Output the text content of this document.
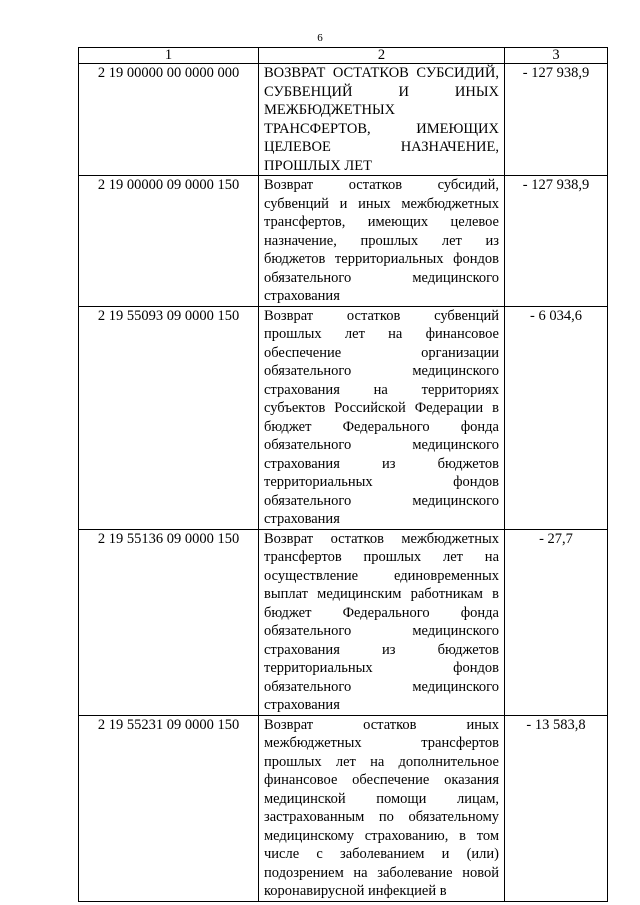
6
1	2	3
2 19 00000 00 0000 000	ВОЗВРАТ ОСТАТКОВ СУБСИДИЙ, СУБВЕНЦИЙ И ИНЫХ МЕЖБЮДЖЕТНЫХ ТРАНСФЕРТОВ, ИМЕЮЩИХ ЦЕЛЕВОЕ НАЗНАЧЕНИЕ, ПРОШЛЫХ ЛЕТ	- 127 938,9
2 19 00000 09 0000 150	Возврат остатков субсидий, субвенций и иных межбюджетных трансфертов, имеющих целевое назначение, прошлых лет из бюджетов территориальных фондов обязательного медицинского страхования	- 127 938,9
2 19 55093 09 0000 150	Возврат остатков субвенций прошлых лет на финансовое обеспечение организации обязательного медицинского страхования на территориях субъектов Российской Федерации в бюджет Федерального фонда обязательного медицинского страхования из бюджетов территориальных фондов обязательного медицинского страхования	- 6 034,6
2 19 55136 09 0000 150	Возврат остатков межбюджетных трансфертов прошлых лет на осуществление единовременных выплат медицинским работникам в бюджет Федерального фонда обязательного медицинского страхования из бюджетов территориальных фондов обязательного медицинского страхования	- 27,7
2 19 55231 09 0000 150	Возврат остатков иных межбюджетных трансфертов прошлых лет на дополнительное финансовое обеспечение оказания медицинской помощи лицам, застрахованным по обязательному медицинскому страхованию, в том числе с заболеванием и (или) подозрением на заболевание новой коронавирусной инфекцией в	- 13 583,8
